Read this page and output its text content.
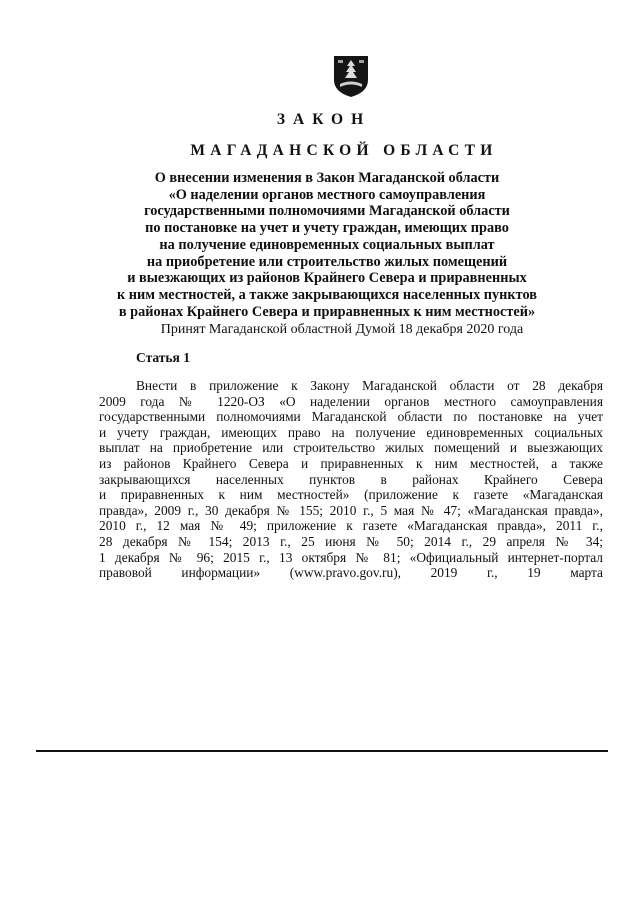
ЗАКОН
МАГАДАНСКОЙ ОБЛАСТИ
О внесении изменения в Закон Магаданской области
«О наделении органов местного самоуправления
государственными полномочиями Магаданской области
по постановке на учет и учету граждан, имеющих право
на получение единовременных социальных выплат
на приобретение или строительство жилых помещений
и выезжающих из районов Крайнего Севера и приравненных
к ним местностей, а также закрывающихся населенных пунктов
в районах Крайнего Севера и приравненных к ним местностей»
Принят Магаданской областной Думой 18 декабря 2020 года
Статья 1
Внести в приложение к Закону Магаданской области от 28 декабря
2009 года № 1220-ОЗ «О наделении органов местного самоуправления
государственными полномочиями Магаданской области по постановке на учет
и учету граждан, имеющих право на получение единовременных социальных
выплат на приобретение или строительство жилых помещений и выезжающих
из районов Крайнего Севера и приравненных к ним местностей, а также
закрывающихся населенных пунктов в районах Крайнего Севера
и приравненных к ним местностей» (приложение к газете «Магаданская
правда», 2009 г., 30 декабря № 155; 2010 г., 5 мая № 47; «Магаданская правда»,
2010 г., 12 мая № 49; приложение к газете «Магаданская правда», 2011 г.,
28 декабря № 154; 2013 г., 25 июня № 50; 2014 г., 29 апреля № 34;
1 декабря № 96; 2015 г., 13 октября № 81; «Официальный интернет-портал
правовой информации» (www.pravo.gov.ru), 2019 г., 19 марта
